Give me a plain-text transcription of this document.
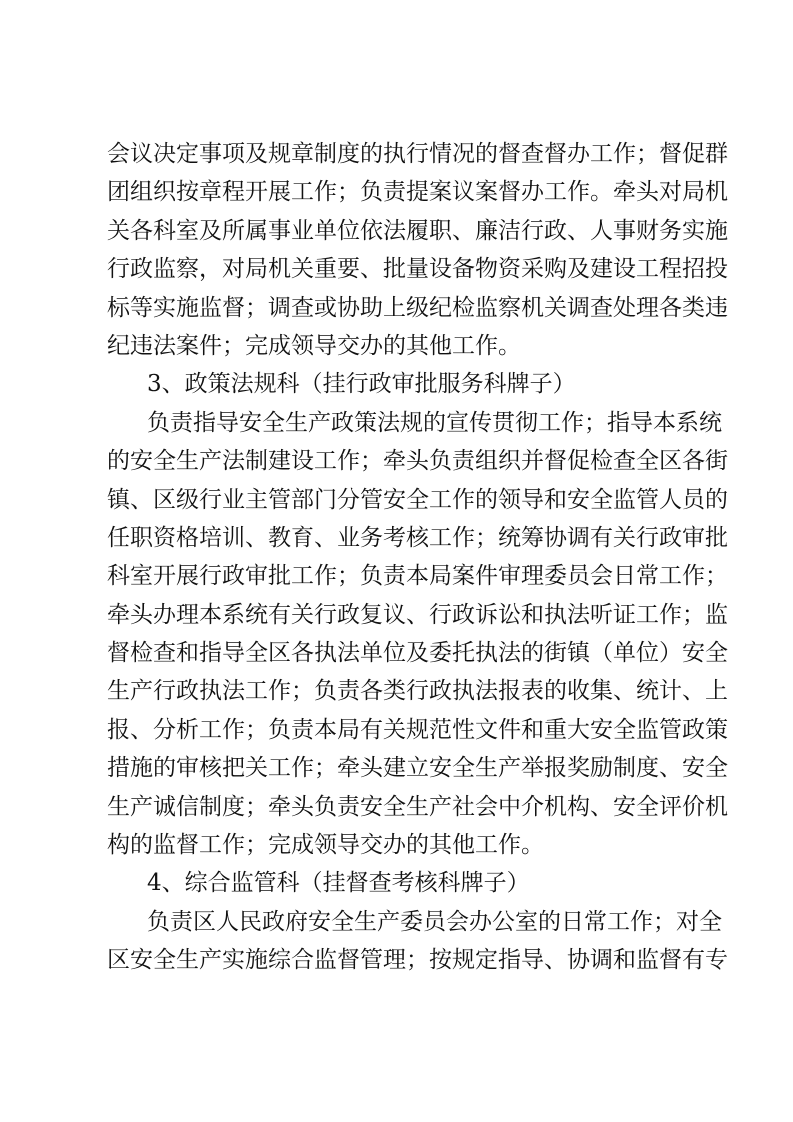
会议决定事项及规章制度的执行情况的督查督办工作；督促群
团组织按章程开展工作；负责提案议案督办工作。牵头对局机
关各科室及所属事业单位依法履职、廉洁行政、人事财务实施
行政监察，对局机关重要、批量设备物资采购及建设工程招投
标等实施监督；调查或协助上级纪检监察机关调查处理各类违
纪违法案件；完成领导交办的其他工作。
3、政策法规科（挂行政审批服务科牌子）
负责指导安全生产政策法规的宣传贯彻工作；指导本系统
的安全生产法制建设工作；牵头负责组织并督促检查全区各街
镇、区级行业主管部门分管安全工作的领导和安全监管人员的
任职资格培训、教育、业务考核工作；统筹协调有关行政审批
科室开展行政审批工作；负责本局案件审理委员会日常工作；
牵头办理本系统有关行政复议、行政诉讼和执法听证工作；监
督检查和指导全区各执法单位及委托执法的街镇（单位）安全
生产行政执法工作；负责各类行政执法报表的收集、统计、上
报、分析工作；负责本局有关规范性文件和重大安全监管政策
措施的审核把关工作；牵头建立安全生产举报奖励制度、安全
生产诚信制度；牵头负责安全生产社会中介机构、安全评价机
构的监督工作；完成领导交办的其他工作。
4、综合监管科（挂督查考核科牌子）
负责区人民政府安全生产委员会办公室的日常工作；对全
区安全生产实施综合监督管理；按规定指导、协调和监督有专
